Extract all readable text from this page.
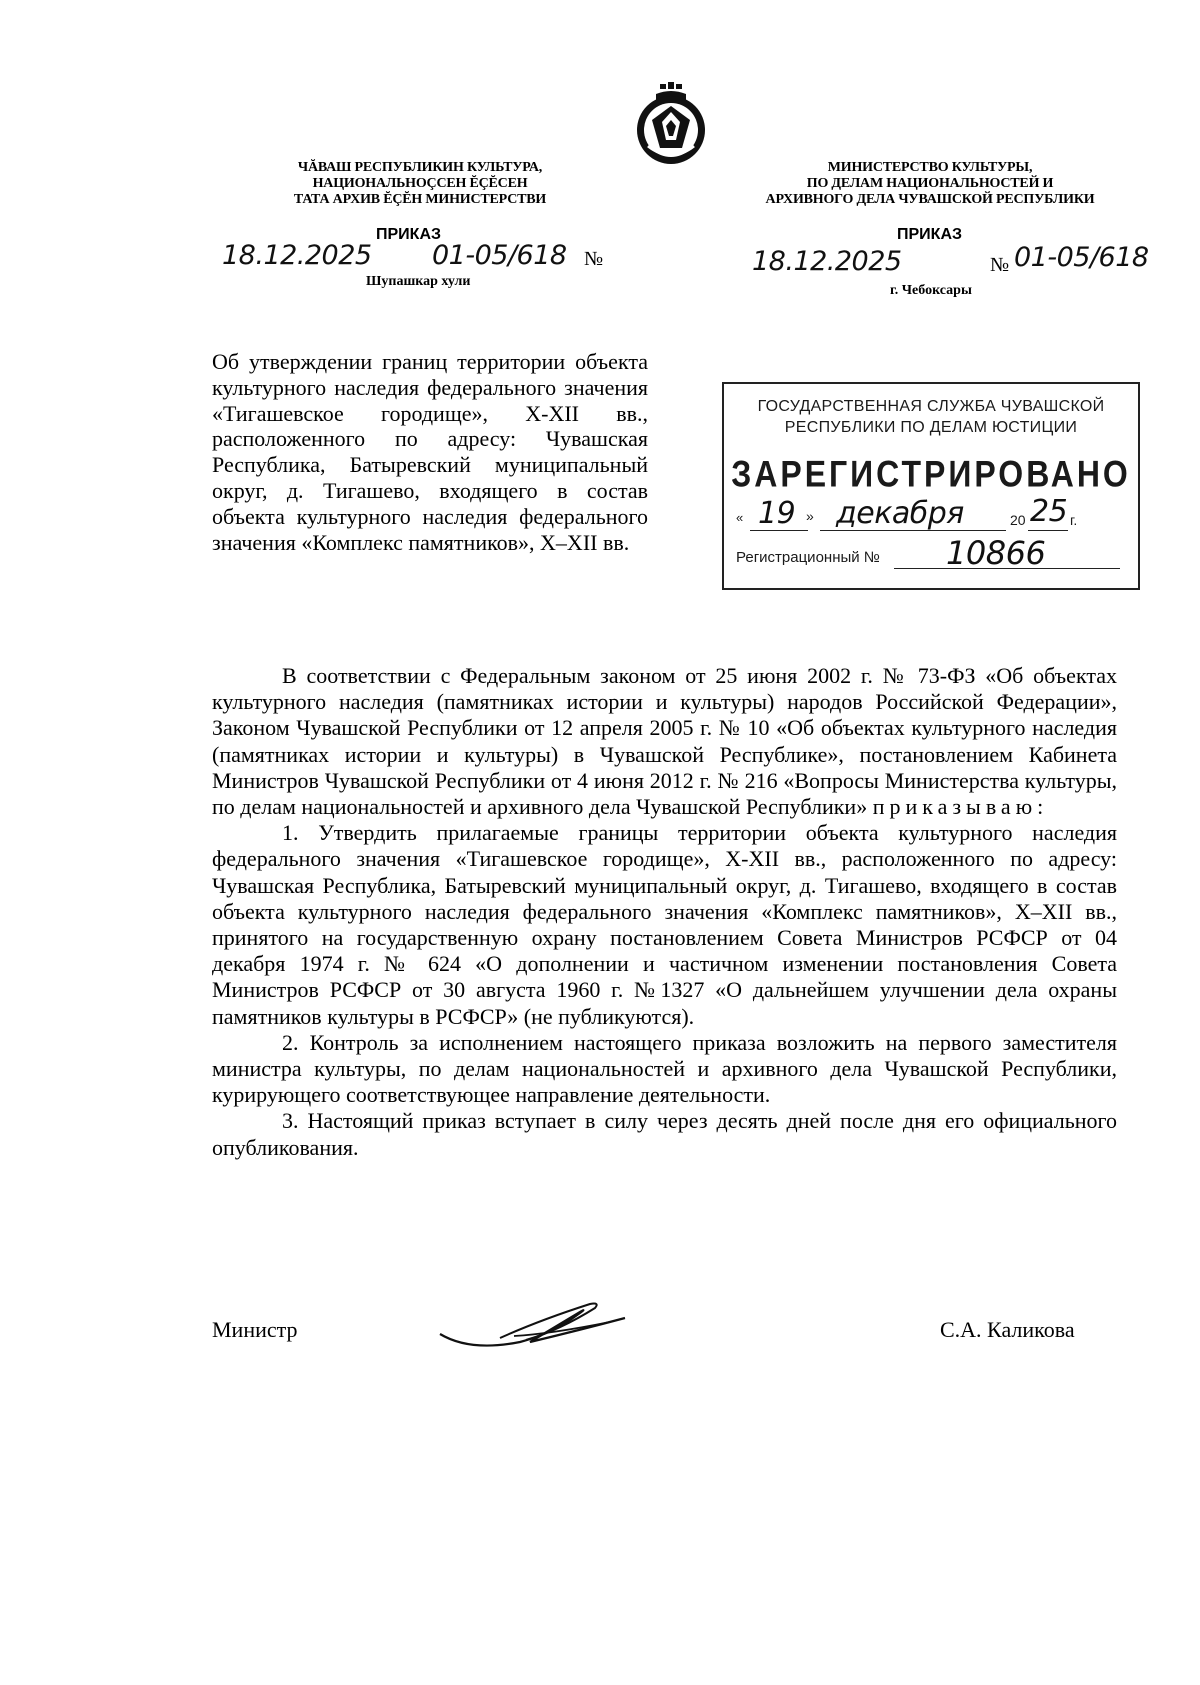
ЧĂВАШ РЕСПУБЛИКИН КУЛЬТУРА,
НАЦИОНАЛЬНОÇСЕН ĔÇĔСЕН
ТАТА АРХИВ ĔÇĔН МИНИСТЕРСТВИ
МИНИСТЕРСТВО КУЛЬТУРЫ,
ПО ДЕЛАМ НАЦИОНАЛЬНОСТЕЙ И
АРХИВНОГО ДЕЛА ЧУВАШСКОЙ РЕСПУБЛИКИ
ПРИКАЗ	ПРИКАЗ
18.12.2025 01-05/618 №
Шупашкар хули
18.12.2025	№ 01-05/618
г. Чебоксары

Об утверждении границ территории объекта культурного наследия федерального значения «Тигашевское городище», X-XII вв., расположенного по адресу: Чувашская Республика, Батыревский муниципальный округ, д. Тигашево, входящего в состав объекта культурного наследия федерального значения «Комплекс памятников», X–XII вв.

ГОСУДАРСТВЕННАЯ СЛУЖБА ЧУВАШСКОЙ
РЕСПУБЛИКИ ПО ДЕЛАМ ЮСТИЦИИ
ЗАРЕГИСТРИРОВАНО
« 19 » декабря	20 25 г.
Регистрационный № 10866

В соответствии с Федеральным законом от 25 июня 2002 г. № 73-ФЗ «Об объектах культурного наследия (памятниках истории и культуры) народов Российской Федерации», Законом Чувашской Республики от 12 апреля 2005 г. № 10 «Об объектах культурного наследия (памятниках истории и культуры) в Чувашской Республике», постановлением Кабинета Министров Чувашской Республики от 4 июня 2012 г. № 216 «Вопросы Министерства культуры, по делам национальностей и архивного дела Чувашской Республики» приказываю:

1. Утвердить прилагаемые границы территории объекта культурного наследия федерального значения «Тигашевское городище», X-XII вв., расположенного по адресу: Чувашская Республика, Батыревский муниципальный округ, д. Тигашево, входящего в состав объекта культурного наследия федерального значения «Комплекс памятников», X–XII вв., принятого на государственную охрану постановлением Совета Министров РСФСР от 04 декабря 1974 г. № 624 «О дополнении и частичном изменении постановления Совета Министров РСФСР от 30 августа 1960 г. №1327 «О дальнейшем улучшении дела охраны памятников культуры в РСФСР» (не публикуются).

2. Контроль за исполнением настоящего приказа возложить на первого заместителя министра культуры, по делам национальностей и архивного дела Чувашской Республики, курирующего соответствующее направление деятельности.

3. Настоящий приказ вступает в силу через десять дней после дня его официального опубликования.

Министр	С.А. Каликова
